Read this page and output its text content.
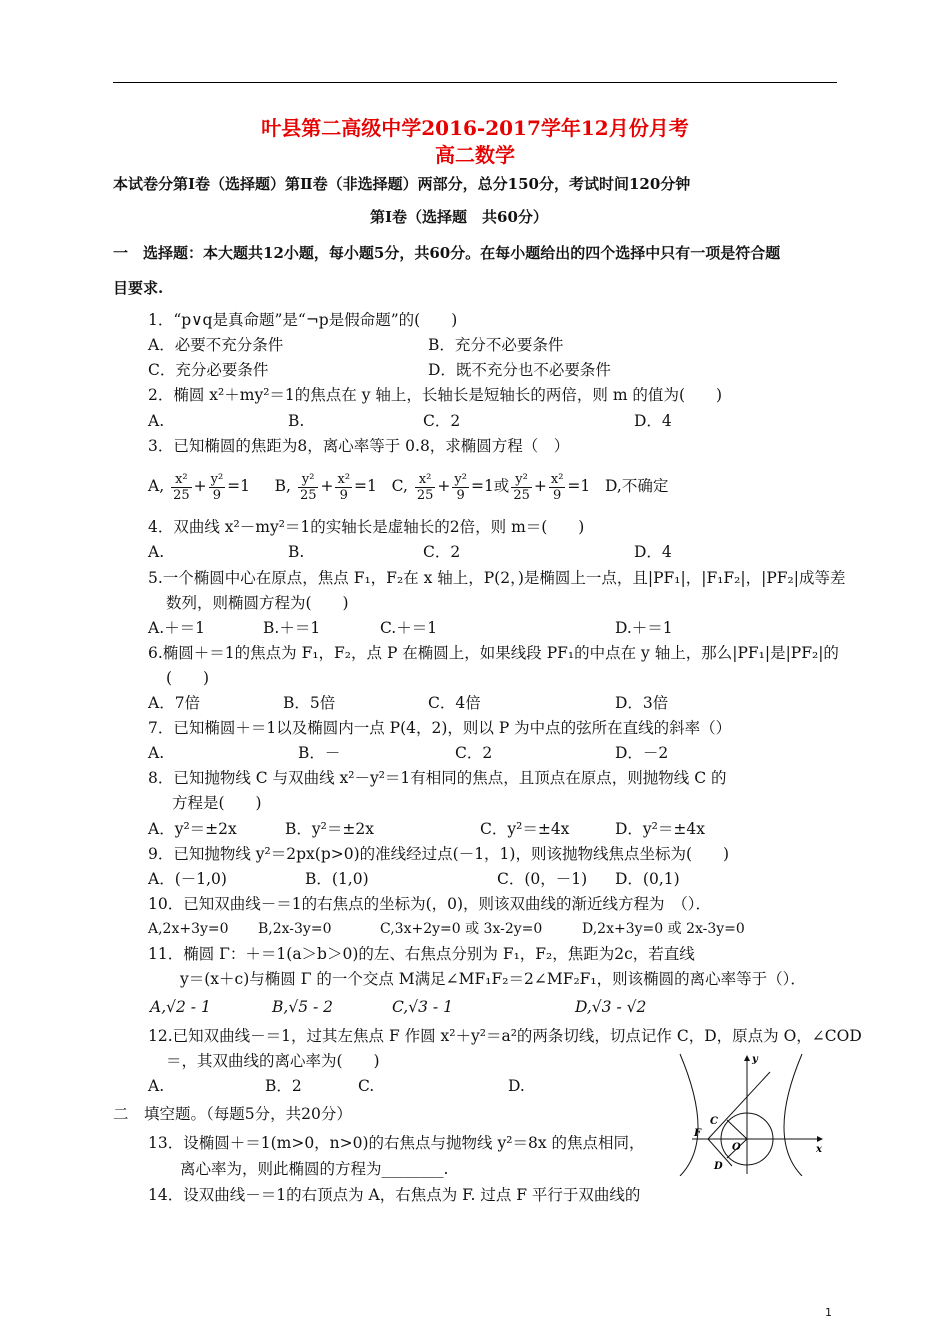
叶县第二高级中学2016-2017学年12月份月考
高二数学
本试卷分第Ⅰ卷（选择题）第Ⅱ卷（非选择题）两部分，总分150分，考试时间120分钟
第Ⅰ卷（选择题　共60分）
一　选择题：本大题共12小题，每小题5分，共60分。在每小题给出的四个选择中只有一项是符合题
目要求.
1．“p∨q是真命题”是“¬p是假命题”的(　　)
A．必要不充分条件	B．充分不必要条件
C．充分必要条件	D．既不充分也不必要条件
2．椭圆 x²＋my²＝1的焦点在 y 轴上，长轴长是短轴长的两倍，则 m 的值为(　　)
A.	B.	C．2	D．4
3．已知椭圆的焦距为8，离心率等于 0.8，求椭圆方程（　）
A, $\frac{\text{x²}}{25} + \frac{\text{y²}}{9} =1$ B, $\frac{\text{y²}}{25} + \frac{\text{x²}}{9} =1$ C, $\frac{\text{x²}}{25} + \frac{\text{y²}}{9} =1$或 $\frac{\text{y²}}{25} + \frac{\text{x²}}{9} =1$ D,不确定
4．双曲线 x²－my²＝1的实轴长是虚轴长的2倍，则 m＝(　　)
A.	B.	C．2	D．4
5.一个椭圆中心在原点，焦点 F₁，F₂在 x 轴上，P(2，)是椭圆上一点，且|PF₁|，|F₁F₂|，|PF₂|成等差
数列，则椭圆方程为(　　)
A.＋＝1	B.＋＝1	C.＋＝1	D.＋＝1
6.椭圆＋＝1的焦点为 F₁，F₂，点 P 在椭圆上，如果线段 PF₁的中点在 y 轴上，那么|PF₁|是|PF₂|的
(　　)
A．7倍	B．5倍	C．4倍	D．3倍
7．已知椭圆＋＝1以及椭圆内一点 P(4，2)，则以 P 为中点的弦所在直线的斜率（）
A.	B．－	C．2	D．－2
8．已知抛物线 C 与双曲线 x²－y²＝1有相同的焦点，且顶点在原点，则抛物线 C 的
方程是(　　)
A．y²＝±2x	B．y²＝±2x	C．y²＝±4x	D．y²＝±4x
9．已知抛物线 y²＝2px(p>0)的准线经过点(－1，1)，则该抛物线焦点坐标为(　　)
A．(－1,0)	B．(1,0)	C．(0，－1) D．(0,1)
10．已知双曲线－＝1的右焦点的坐标为(，0)，则该双曲线的渐近线方程为　（）．
A,2x+3y=0 B,2x-3y=0	C,3x+2y=0 或 3x-2y=0	D,2x+3y=0 或 2x-3y=0
11．椭圆 Γ：＋＝1(a＞b＞0)的左、右焦点分别为 F₁，F₂，焦距为2c，若直线
y＝(x＋c)与椭圆 Γ 的一个交点 M满足∠MF₁F₂＝2∠MF₂F₁，则该椭圆的离心率等于（）．
A,√2 - 1	B,√5 - 2	C,√3 - 1	D,√3 - √2
12.已知双曲线－＝1，过其左焦点 F 作圆 x²＋y²＝a²的两条切线，切点记作 C，D，原点为 O，∠COD
＝，其双曲线的离心率为(　　)
A.	B．2	C.	D.
二　填空题。（每题5分，共20分）
13．设椭圆＋＝1(m>0，n>0)的右焦点与抛物线 y²＝8x 的焦点相同，
离心率为，则此椭圆的方程为________.
14．设双曲线－＝1的右顶点为 A，右焦点为 F. 过点 F 平行于双曲线的
y
x
C
F
O
D
1
